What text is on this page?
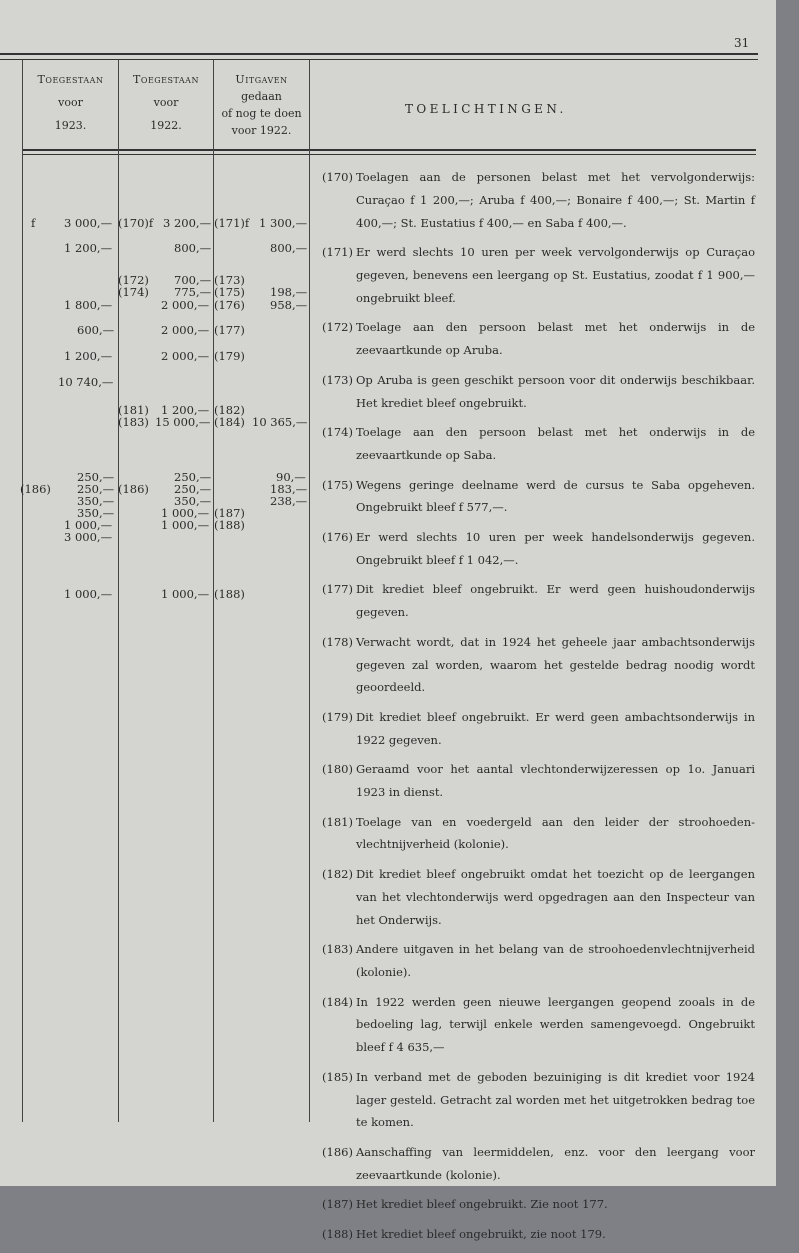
31
Toegestaan
voor
1923.
Toegestaan
voor
1922.
Uitgaven
gedaan
of nog te doen
voor 1922.
TOELICHTINGEN.
f 3 000,—
1 200,—
1 800,—
600,—
1 200,—
10 740,—
250,—
(186) 250,—
350,—
350,—
1 000,—
3 000,—
1 000,—
(170)f 3 200,—
800,—
(172) 700,—
(174) 775,—
2 000,—
2 000,—
2 000,—
(181) 1 200,—
(183) 15 000,—
250,—
(186) 250,—
350,—
1 000,—
1 000,—
1 000,—
(171)f 1 300,—
800,—
(173)
(175) 198,—
(176) 958,—
(177)
(179)
(182)
(184) 10 365,—
90,—
183,—
238,—
(187)
(188)
(188)
(170) Toelagen aan de personen belast met het vervolgonderwijs: Curaçao f 1 200,—; Aruba f 400,—; Bonaire f 400,—; St. Martin f 400,—; St. Eustatius f 400,— en Saba f 400,—.
(171) Er werd slechts 10 uren per week vervolgonderwijs op Curaçao gegeven, benevens een leergang op St. Eustatius, zoodat f 1 900,— ongebruikt bleef.
(172) Toelage aan den persoon belast met het onderwijs in de zeevaartkunde op Aruba.
(173) Op Aruba is geen geschikt persoon voor dit onderwijs beschikbaar. Het krediet bleef ongebruikt.
(174) Toelage aan den persoon belast met het onderwijs in de zeevaartkunde op Saba.
(175) Wegens geringe deelname werd de cursus te Saba opgeheven. Ongebruikt bleef f 577,—.
(176) Er werd slechts 10 uren per week handelsonderwijs gegeven. Ongebruikt bleef f 1 042,—.
(177) Dit krediet bleef ongebruikt. Er werd geen huishoudonderwijs gegeven.
(178) Verwacht wordt, dat in 1924 het geheele jaar ambachtsonderwijs gegeven zal worden, waarom het gestelde bedrag noodig wordt geoordeeld.
(179) Dit krediet bleef ongebruikt. Er werd geen ambachtsonderwijs in 1922 gegeven.
(180) Geraamd voor het aantal vlechtonderwijzeressen op 1o. Januari 1923 in dienst.
(181) Toelage van en voedergeld aan den leider der stroohoeden-vlechtnijverheid (kolonie).
(182) Dit krediet bleef ongebruikt omdat het toezicht op de leergangen van het vlechtonderwijs werd opgedragen aan den Inspecteur van het Onderwijs.
(183) Andere uitgaven in het belang van de stroohoedenvlechtnijverheid (kolonie).
(184) In 1922 werden geen nieuwe leergangen geopend zooals in de bedoeling lag, terwijl enkele werden samengevoegd. Ongebruikt bleef f 4 635,—
(185) In verband met de geboden bezuiniging is dit krediet voor 1924 lager gesteld. Getracht zal worden met het uitgetrokken bedrag toe te komen.
(186) Aanschaffing van leermiddelen, enz. voor den leergang voor zeevaartkunde (kolonie).
(187) Het krediet bleef ongebruikt. Zie noot 177.
(188) Het krediet bleef ongebruikt, zie noot 179.
